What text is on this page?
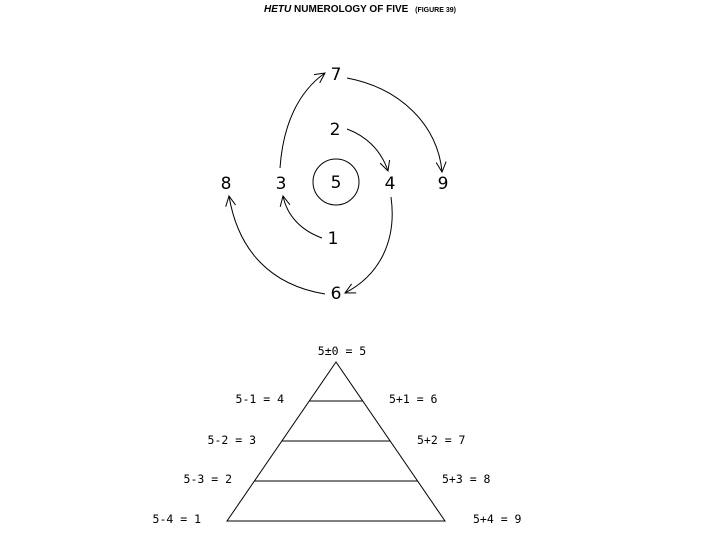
HETU NUMEROLOGY OF FIVE (FIGURE 39)
5
7
2
8	3	4 9
1
6
5±0 = 5
5-1 = 4
5-2 = 3
5-3 = 2
5-4 = 1
5+1 = 6
5+2 = 7
5+3 = 8
5+4 = 9
